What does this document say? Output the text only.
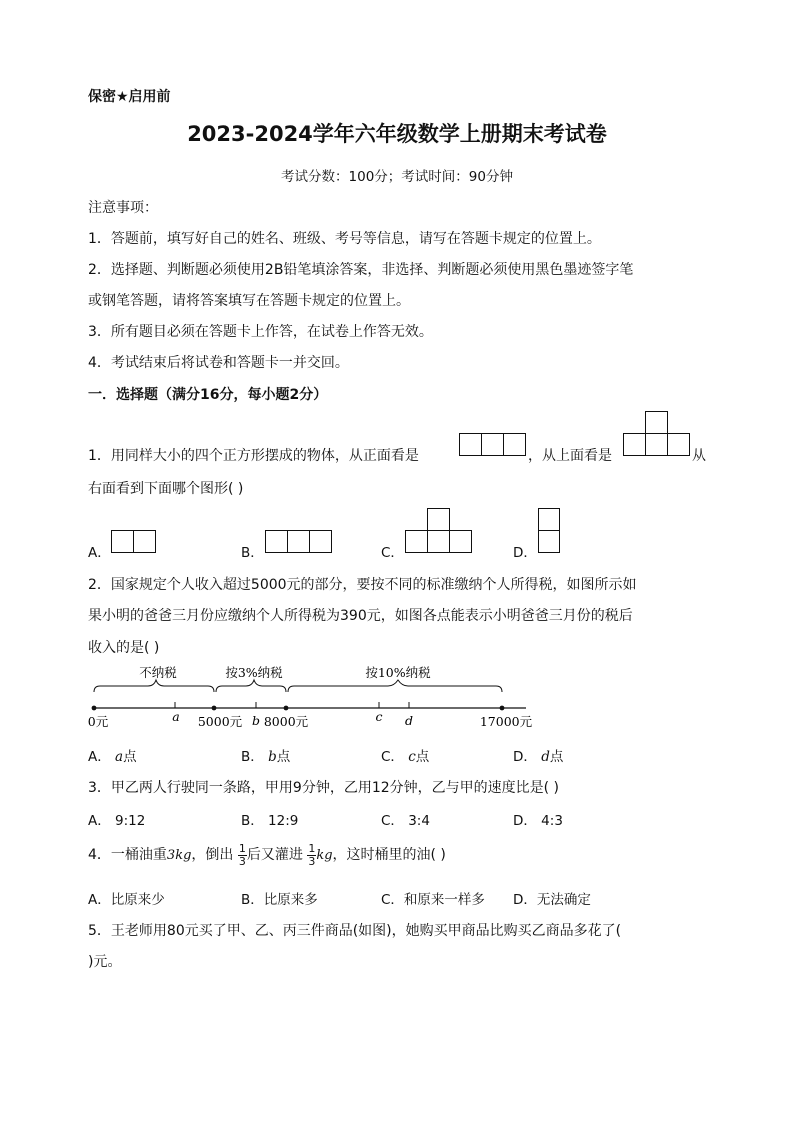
保密★启用前
2023-2024学年六年级数学上册期末考试卷
考试分数：100分；考试时间：90分钟
注意事项：
1．答题前，填写好自己的姓名、班级、考号等信息，请写在答题卡规定的位置上。
2．选择题、判断题必须使用2B铅笔填涂答案，非选择、判断题必须使用黑色墨迹签字笔
或钢笔答题，请将答案填写在答题卡规定的位置上。
3．所有题目必须在答题卡上作答，在试卷上作答无效。
4．考试结束后将试卷和答题卡一并交回。
一．选择题（满分16分，每小题2分）
1．用同样大小的四个正方形摆成的物体，从正面看是	，从上面看是	从
右面看到下面哪个图形( )
A．	B．	C．	D．
2．国家规定个人收入超过5000元的部分，要按不同的标准缴纳个人所得税，如图所示如
果小明的爸爸三月份应缴纳个人所得税为390元，如图各点能表示小明爸爸三月份的税后
收入的是( )
不纳税	按3%纳税	按10%纳税
a	b	c d
0元	5000元 8000元	17000元
A． a点	B． b点	C． c点	D． d点
3．甲乙两人行驶同一条路，甲用9分钟，乙用12分钟，乙与甲的速度比是( )
A． 9:12	B． 12:9	C． 3:4	D． 4:3
4．一桶油重3kg，倒出 $\frac{1}{3}$ 后又灌进 $\frac{1}{3}$ kg，这时桶里的油( )
A．比原来少	B．比原来多	C．和原来一样多 D．无法确定
5．王老师用80元买了甲、乙、丙三件商品(如图)，她购买甲商品比购买乙商品多花了(
)元。
